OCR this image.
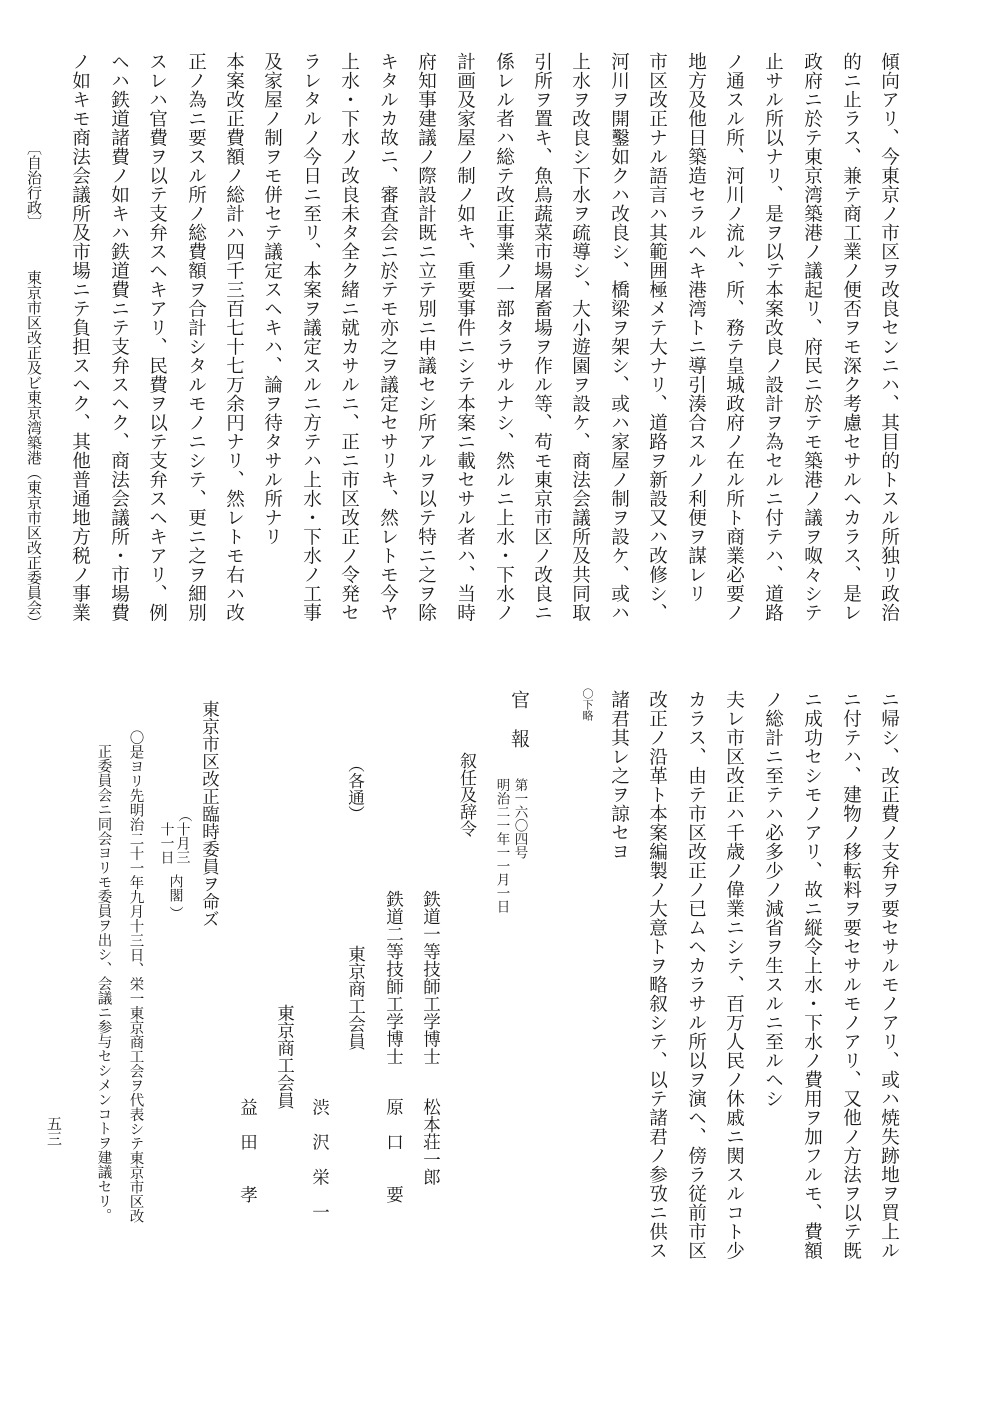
傾向アリ、今東京ノ市区ヲ改良センニハ、其目的トスル所独リ政治
的ニ止ラス、兼テ商工業ノ便否ヲモ深ク考慮セサルヘカラス、是レ
政府ニ於テ東京湾築港ノ議起リ、府民ニ於テモ築港ノ議ヲ呶々シテ
止サル所以ナリ、是ヲ以テ本案改良ノ設計ヲ為セルニ付テハ、道路
ノ通スル所、河川ノ流ル、所、務テ皇城政府ノ在ル所ト商業必要ノ
地方及他日築造セラルヘキ港湾トニ導引湊合スルノ利便ヲ謀レリ
市区改正ナル語言ハ其範囲極メテ大ナリ、道路ヲ新設又ハ改修シ、
河川ヲ開鑿如クハ改良シ、橋梁ヲ架シ、或ハ家屋ノ制ヲ設ケ、或ハ
上水ヲ改良シ下水ヲ疏導シ、大小遊園ヲ設ケ、商法会議所及共同取
引所ヲ置キ、魚鳥蔬菜市場屠畜場ヲ作ル等、苟モ東京市区ノ改良ニ
係レル者ハ総テ改正事業ノ一部タラサルナシ、然ルニ上水・下水ノ
計画及家屋ノ制ノ如キ、重要事件ニシテ本案ニ載セサル者ハ、当時
府知事建議ノ際設計既ニ立テ別ニ申議セシ所アルヲ以テ特ニ之ヲ除
キタルカ故ニ、審査会ニ於テモ亦之ヲ議定セサリキ、然レトモ今ヤ
上水・下水ノ改良未タ全ク緒ニ就カサルニ、正ニ市区改正ノ令発セ
ラレタルノ今日ニ至リ、本案ヲ議定スルニ方テハ上水・下水ノ工事
及家屋ノ制ヲモ併セテ議定スヘキハ、論ヲ待タサル所ナリ
本案改正費額ノ総計ハ四千三百七十七万余円ナリ、然レトモ右ハ改
正ノ為ニ要スル所ノ総費額ヲ合計シタルモノニシテ、更ニ之ヲ細別
スレハ官費ヲ以テ支弁スヘキアリ、民費ヲ以テ支弁スヘキアリ、例
ヘハ鉄道諸費ノ如キハ鉄道費ニテ支弁スヘク、商法会議所・市場費
ノ如キモ商法会議所及市場ニテ負担スヘク、其他普通地方税ノ事業
〔自治行政〕
東京市区改正及ビ東京湾築港（東京市区改正委員会）
ニ帰シ、改正費ノ支弁ヲ要セサルモノアリ、或ハ焼失跡地ヲ買上ル
ニ付テハ、建物ノ移転料ヲ要セサルモノアリ、又他ノ方法ヲ以テ既
ニ成功セシモノアリ、故ニ縦令上水・下水ノ費用ヲ加フルモ、費額
ノ総計ニ至テハ必多少ノ減省ヲ生スルニ至ルヘシ
夫レ市区改正ハ千歳ノ偉業ニシテ、百万人民ノ休戚ニ関スルコト少
カラス、由テ市区改正ノ已ムヘカラサル所以ヲ演ヘ、傍ラ従前市区
改正ノ沿革ト本案編製ノ大意トヲ略叙シテ、以テ諸君ノ参攷ニ供ス
諸君其レ之ヲ諒セヨ
〇下略
官報
第一六〇四号
明治二一年一一月一日
叙任及辞令
（各通）
鉄道一等技師工学博士
松本荘一郎
鉄道二等技師工学博士
原　口　　要
東京商工会員
渋　沢　栄　一
東京商工会員
益　田　　孝
東京市区改正臨時委員ヲ命ズ
（
十月三
十一日
内閣
）
〇是ヨリ先明治二十一年九月十三日、栄一東京商工会ヲ代表シテ東京市区改
正委員会ニ同会ヨリモ委員ヲ出シ、会議ニ参与セシメンコトヲ建議セリ。
五三
